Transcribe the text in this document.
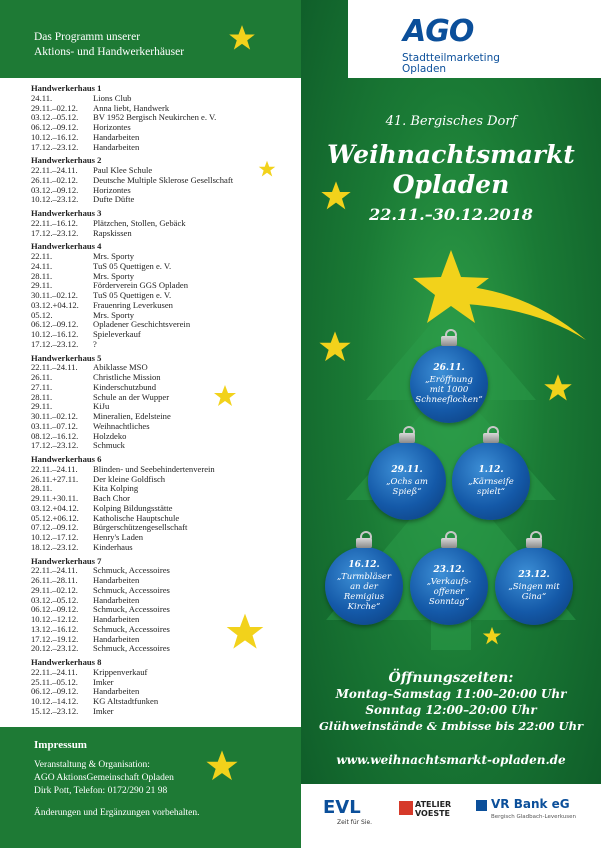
Das Programm unserer
Aktions- und Handwerkerhäuser
Handwerkerhaus 1
24.11.	Lions Club
29.11.–02.12. Anna liebt, Handwerk
03.12.–05.12. BV 1952 Bergisch Neukirchen e. V.
06.12.–09.12. Horizontes
10.12.–16.12. Handarbeiten
17.12.–23.12. Handarbeiten
Handwerkerhaus 2
22.11.–24.11. Paul Klee Schule
26.11.–02.12. Deutsche Multiple Sklerose Gesellschaft
03.12.–09.12. Horizontes
10.12.–23.12. Dufte Düfte
Handwerkerhaus 3
22.11.–16.12. Plätzchen, Stollen, Gebäck
17.12.–23.12. Rapskissen
Handwerkerhaus 4
22.11.	Mrs. Sporty
24.11.	TuS 05 Quettigen e. V.
28.11.	Mrs. Sporty
29.11.	Förderverein GGS Opladen
30.11.–02.12. TuS 05 Quettigen e. V.
03.12.+04.12. Frauenring Leverkusen
05.12.	Mrs. Sporty
06.12.–09.12. Opladener Geschichtsverein
10.12.–16.12. Spieleverkauf
17.12.–23.12. ?
Handwerkerhaus 5
22.11.–24.11. Abiklasse MSO
26.11.	Christliche Mission
27.11.	Kinderschutzbund
28.11.	Schule an der Wupper
29.11.	KiJu
30.11.–02.12. Mineralien, Edelsteine
03.11.–07.12. Weihnachtliches
08.12.–16.12. Holzdeko
17.12.–23.12. Schmuck
Handwerkerhaus 6
22.11.–24.11. Blinden- und Seebehindertenverein
26.11.+27.11. Der kleine Goldfisch
28.11.	Kita Kolping
29.11.+30.11. Bach Chor
03.12.+04.12. Kolping Bildungsstätte
05.12.+06.12. Katholische Hauptschule
07.12.–09.12. Bürgerschützengesellschaft
10.12.–17.12. Henry's Laden
18.12.–23.12. Kinderhaus
Handwerkerhaus 7
22.11.–24.11. Schmuck, Accessoires
26.11.–28.11. Handarbeiten
29.11.–02.12. Schmuck, Accessoires
03.12.–05.12. Handarbeiten
06.12.–09.12. Schmuck, Accessoires
10.12.–12.12. Handarbeiten
13.12.–16.12. Schmuck, Accessoires
17.12.–19.12. Handarbeiten
20.12.–23.12. Schmuck, Accessoires
Handwerkerhaus 8
22.11.–24.11. Krippenverkauf
25.11.–05.12. Imker
06.12.–09.12. Handarbeiten
10.12.–14.12. KG Altstadtfunken
15.12.–23.12. Imker
Impressum
Veranstaltung & Organisation:
AGO AktionsGemeinschaft Opladen
Dirk Pott, Telefon: 0172/290 21 98
Änderungen und Ergänzungen vorbehalten.
AGO
Stadtteilmarketing
Opladen
41. Bergisches Dorf
Weihnachtsmarkt
Opladen
22.11.–30.12.2018
26.11.
„Eröffnung
mit 1000
Schneeflocken“
29.11.
„Ochs am
Spieß“
1.12.
„Kärnseife
spielt“
16.12.
„Turmbläser
an der
Remigius
Kirche“
23.12.
„Verkaufs-
offener
Sonntag“
23.12.
„Singen mit
Gina“
Öffnungszeiten:
Montag–Samstag 11:00–20:00 Uhr
Sonntag 12:00–20:00 Uhr
Glühweinstände & Imbisse bis 22:00 Uhr
www.weihnachtsmarkt-opladen.de
EVL
Zeit für Sie.
ATELIER
VOESTE
VR Bank eG
Bergisch Gladbach-Leverkusen
